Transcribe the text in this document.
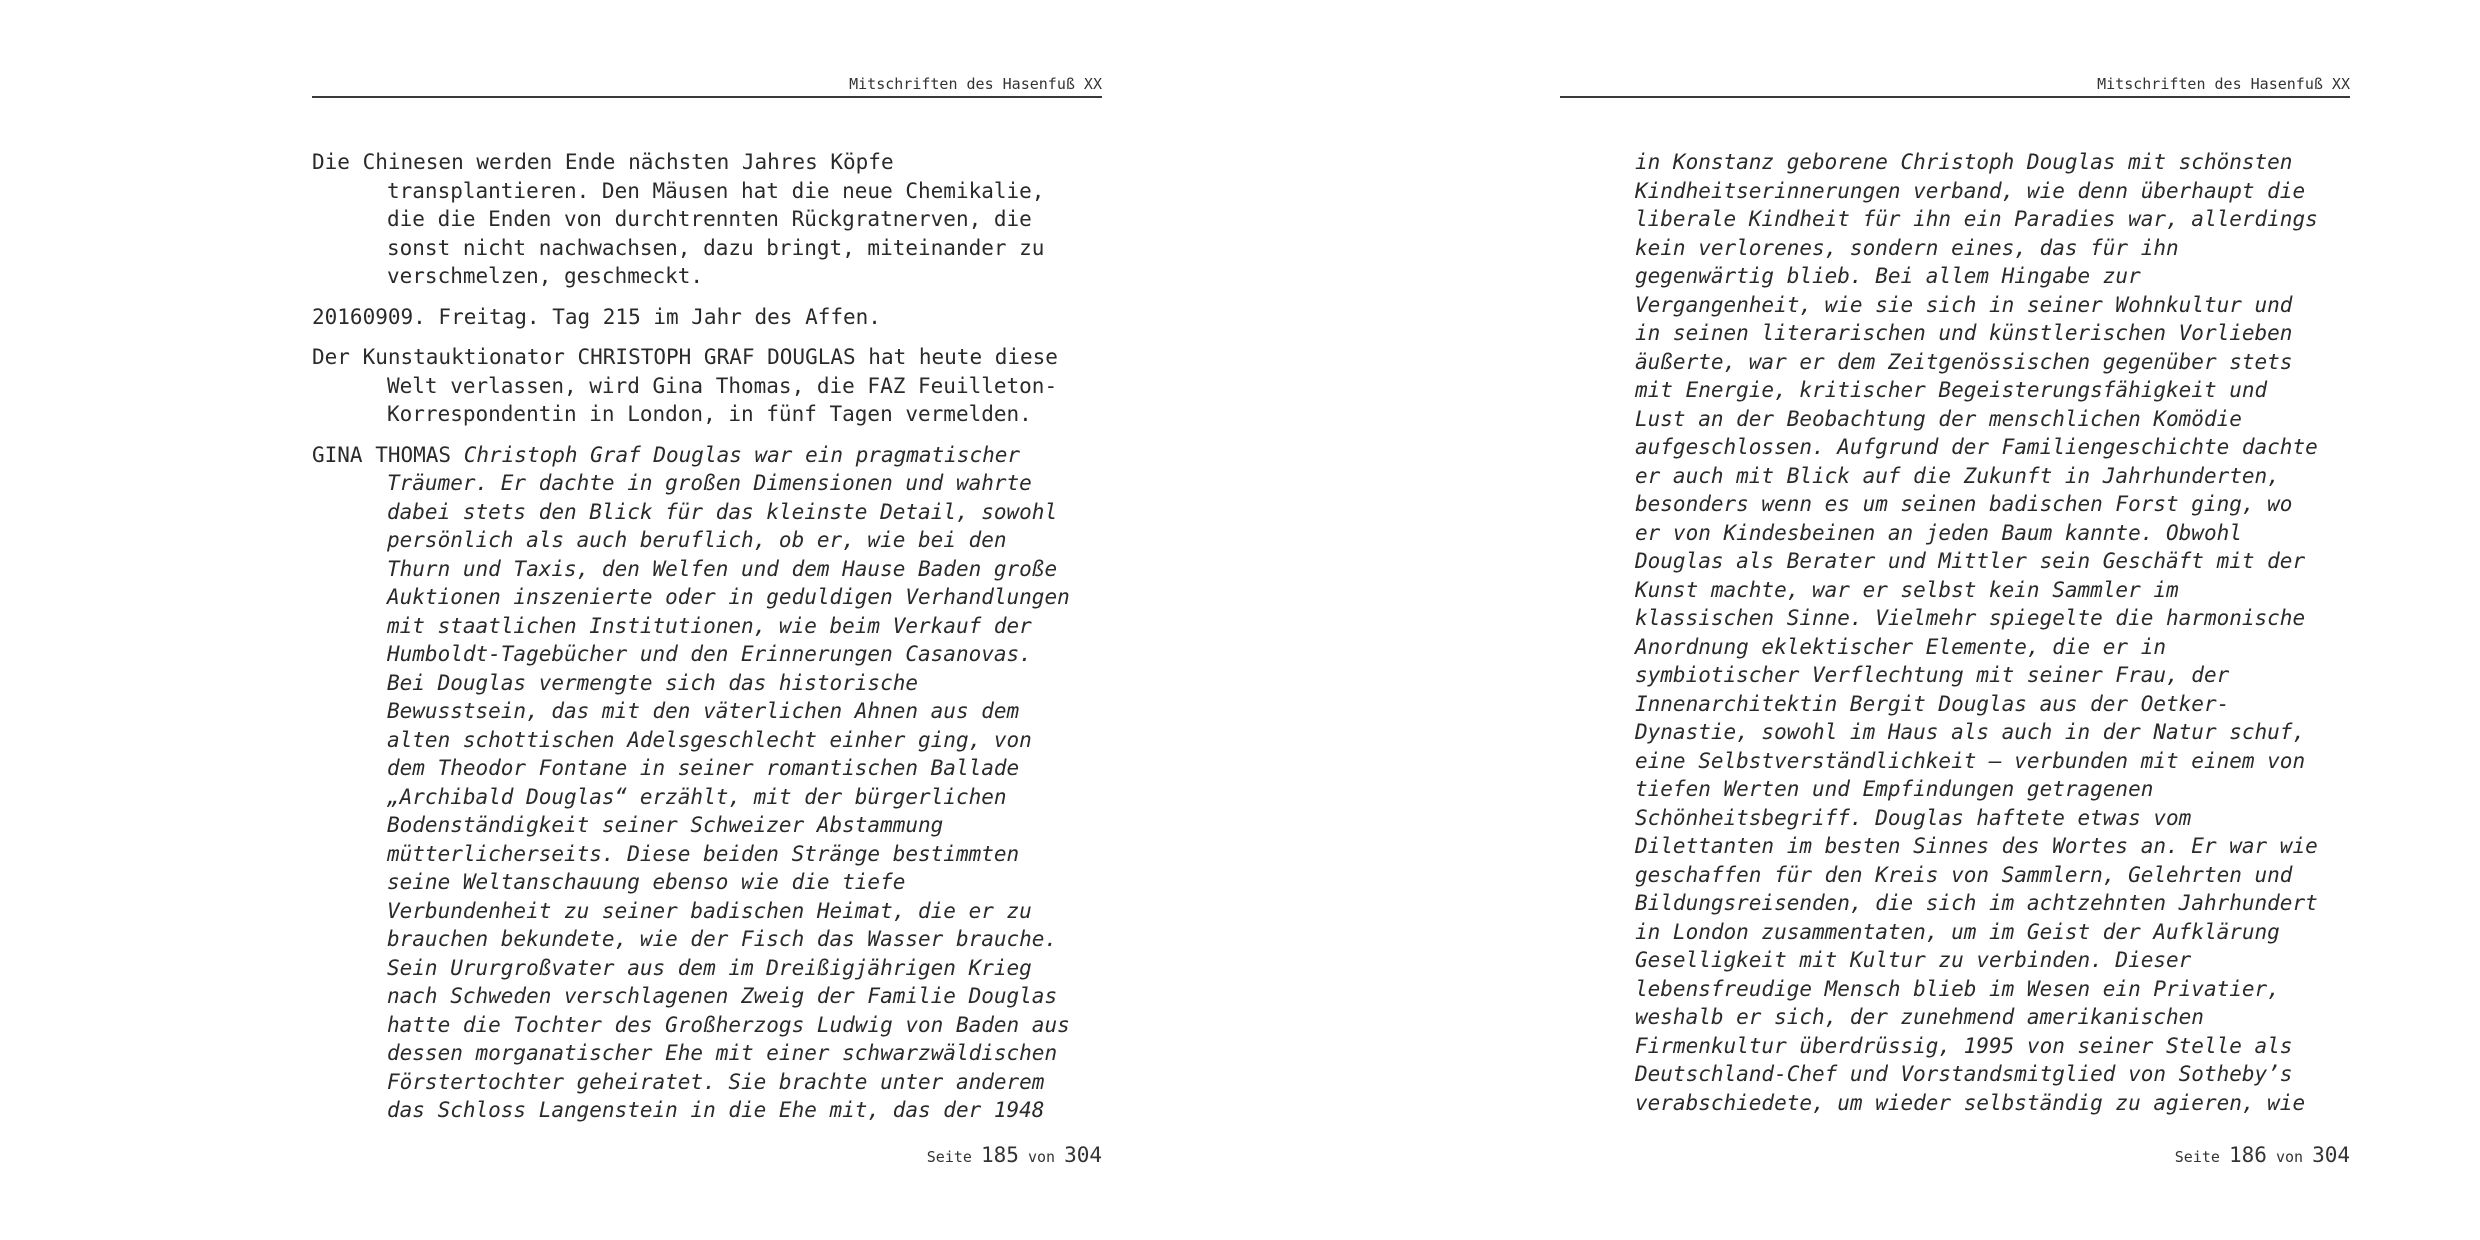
Mitschriften des Hasenfuß XX
Die Chinesen werden Ende nächsten Jahres Köpfe
transplantieren. Den Mäusen hat die neue Chemikalie,
die die Enden von durchtrennten Rückgratnerven, die
sonst nicht nachwachsen, dazu bringt, miteinander zu
verschmelzen, geschmeckt.
20160909. Freitag. Tag 215 im Jahr des Affen.
Der Kunstauktionator CHRISTOPH GRAF DOUGLAS hat heute diese
Welt verlassen, wird Gina Thomas, die FAZ Feuilleton-
Korrespondentin in London, in fünf Tagen vermelden.
GINA THOMAS Christoph Graf Douglas war ein pragmatischer
Träumer. Er dachte in großen Dimensionen und wahrte
dabei stets den Blick für das kleinste Detail, sowohl
persönlich als auch beruflich, ob er, wie bei den
Thurn und Taxis, den Welfen und dem Hause Baden große
Auktionen inszenierte oder in geduldigen Verhandlungen
mit staatlichen Institutionen, wie beim Verkauf der
Humboldt-Tagebücher und den Erinnerungen Casanovas.
Bei Douglas vermengte sich das historische
Bewusstsein, das mit den väterlichen Ahnen aus dem
alten schottischen Adelsgeschlecht einher ging, von
dem Theodor Fontane in seiner romantischen Ballade
„Archibald Douglas“ erzählt, mit der bürgerlichen
Bodenständigkeit seiner Schweizer Abstammung
mütterlicherseits. Diese beiden Stränge bestimmten
seine Weltanschauung ebenso wie die tiefe
Verbundenheit zu seiner badischen Heimat, die er zu
brauchen bekundete, wie der Fisch das Wasser brauche.
Sein Ururgroßvater aus dem im Dreißigjährigen Krieg
nach Schweden verschlagenen Zweig der Familie Douglas
hatte die Tochter des Großherzogs Ludwig von Baden aus
dessen morganatischer Ehe mit einer schwarzwäldischen
Förstertochter geheiratet. Sie brachte unter anderem
das Schloss Langenstein in die Ehe mit, das der 1948
Seite 185 von 304
Mitschriften des Hasenfuß XX
in Konstanz geborene Christoph Douglas mit schönsten
Kindheitserinnerungen verband, wie denn überhaupt die
liberale Kindheit für ihn ein Paradies war, allerdings
kein verlorenes, sondern eines, das für ihn
gegenwärtig blieb. Bei allem Hingabe zur
Vergangenheit, wie sie sich in seiner Wohnkultur und
in seinen literarischen und künstlerischen Vorlieben
äußerte, war er dem Zeitgenössischen gegenüber stets
mit Energie, kritischer Begeisterungsfähigkeit und
Lust an der Beobachtung der menschlichen Komödie
aufgeschlossen. Aufgrund der Familiengeschichte dachte
er auch mit Blick auf die Zukunft in Jahrhunderten,
besonders wenn es um seinen badischen Forst ging, wo
er von Kindesbeinen an jeden Baum kannte. Obwohl
Douglas als Berater und Mittler sein Geschäft mit der
Kunst machte, war er selbst kein Sammler im
klassischen Sinne. Vielmehr spiegelte die harmonische
Anordnung eklektischer Elemente, die er in
symbiotischer Verflechtung mit seiner Frau, der
Innenarchitektin Bergit Douglas aus der Oetker-
Dynastie, sowohl im Haus als auch in der Natur schuf,
eine Selbstverständlichkeit – verbunden mit einem von
tiefen Werten und Empfindungen getragenen
Schönheitsbegriff. Douglas haftete etwas vom
Dilettanten im besten Sinnes des Wortes an. Er war wie
geschaffen für den Kreis von Sammlern, Gelehrten und
Bildungsreisenden, die sich im achtzehnten Jahrhundert
in London zusammentaten, um im Geist der Aufklärung
Geselligkeit mit Kultur zu verbinden. Dieser
lebensfreudige Mensch blieb im Wesen ein Privatier,
weshalb er sich, der zunehmend amerikanischen
Firmenkultur überdrüssig, 1995 von seiner Stelle als
Deutschland-Chef und Vorstandsmitglied von Sotheby’s
verabschiedete, um wieder selbständig zu agieren, wie
Seite 186 von 304
